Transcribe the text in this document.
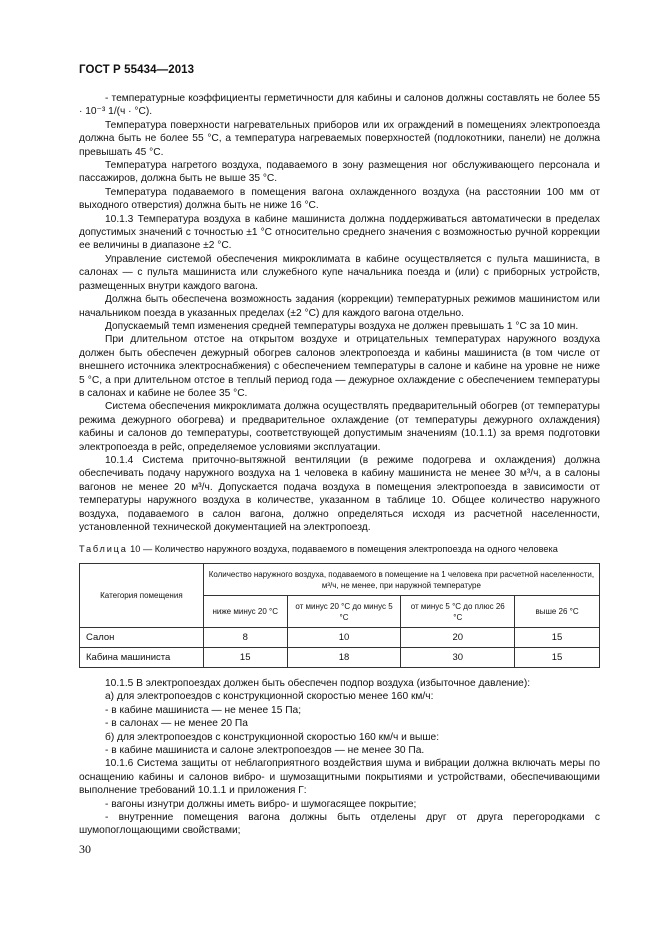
ГОСТ Р 55434—2013

- температурные коэффициенты герметичности для кабины и салонов должны составлять не более 55 · 10⁻³ 1/(ч · °С).

Температура поверхности нагревательных приборов или их ограждений в помещениях электропоезда должна быть не более 55 °С, а температура нагреваемых поверхностей (подлокотники, панели) не должна превышать 45 °С.

Температура нагретого воздуха, подаваемого в зону размещения ног обслуживающего персонала и пассажиров, должна быть не выше 35 °С.

Температура подаваемого в помещения вагона охлажденного воздуха (на расстоянии 100 мм от выходного отверстия) должна быть не ниже 16 °С.

10.1.3 Температура воздуха в кабине машиниста должна поддерживаться автоматически в пределах допустимых значений с точностью ±1 °С относительно среднего значения с возможностью ручной коррекции ее величины в диапазоне ±2 °С.

Управление системой обеспечения микроклимата в кабине осуществляется с пульта машиниста, в салонах — с пульта машиниста или служебного купе начальника поезда и (или) с приборных устройств, размещенных внутри каждого вагона.

Должна быть обеспечена возможность задания (коррекции) температурных режимов машинистом или начальником поезда в указанных пределах (±2 °С) для каждого вагона отдельно.

Допускаемый темп изменения средней температуры воздуха не должен превышать 1 °С за 10 мин.

При длительном отстое на открытом воздухе и отрицательных температурах наружного воздуха должен быть обеспечен дежурный обогрев салонов электропоезда и кабины машиниста (в том числе от внешнего источника электроснабжения) с обеспечением температуры в салоне и кабине на уровне не ниже 5 °С, а при длительном отстое в теплый период года — дежурное охлаждение с обеспечением температуры в салонах и кабине не более 35 °С.

Система обеспечения микроклимата должна осуществлять предварительный обогрев (от температуры режима дежурного обогрева) и предварительное охлаждение (от температуры дежурного охлаждения) кабины и салонов до температуры, соответствующей допустимым значениям (10.1.1) за время подготовки электропоезда в рейс, определяемое условиями эксплуатации.

10.1.4 Система приточно-вытяжной вентиляции (в режиме подогрева и охлаждения) должна обеспечивать подачу наружного воздуха на 1 человека в кабину машиниста не менее 30 м³/ч, а в салоны вагонов не менее 20 м³/ч. Допускается подача воздуха в помещения электропоезда в зависимости от температуры наружного воздуха в количестве, указанном в таблице 10. Общее количество наружного воздуха, подаваемого в салон вагона, должно определяться исходя из расчетной населенности, установленной технической документацией на электропоезд.

Таблица 10 — Количество наружного воздуха, подаваемого в помещения электропоезда на одного человека
Категория помещения	Количество наружного воздуха, подаваемого в помещение на 1 человека при расчетной населенности, м³/ч, не менее, при наружной температуре			
	ниже минус 20 °С	от минус 20 °С до минус 5 °С	от минус 5 °С до плюс 26 °С	выше 26 °С
Салон	8	10	20	15
Кабина машиниста	15	18	30	15

10.1.5 В электропоездах должен быть обеспечен подпор воздуха (избыточное давление):

а) для электропоездов с конструкционной скоростью менее 160 км/ч:

- в кабине машиниста — не менее 15 Па;

- в салонах — не менее 20 Па

б) для электропоездов с конструкционной скоростью 160 км/ч и выше:

- в кабине машиниста и салоне электропоездов — не менее 30 Па.

10.1.6 Система защиты от неблагоприятного воздействия шума и вибрации должна включать меры по оснащению кабины и салонов вибро- и шумозащитными покрытиями и устройствами, обеспечивающими выполнение требований 10.1.1 и приложения Г:

- вагоны изнутри должны иметь вибро- и шумогасящее покрытие;

- внутренние помещения вагона должны быть отделены друг от друга перегородками с шумопоглощающими свойствами;

30
